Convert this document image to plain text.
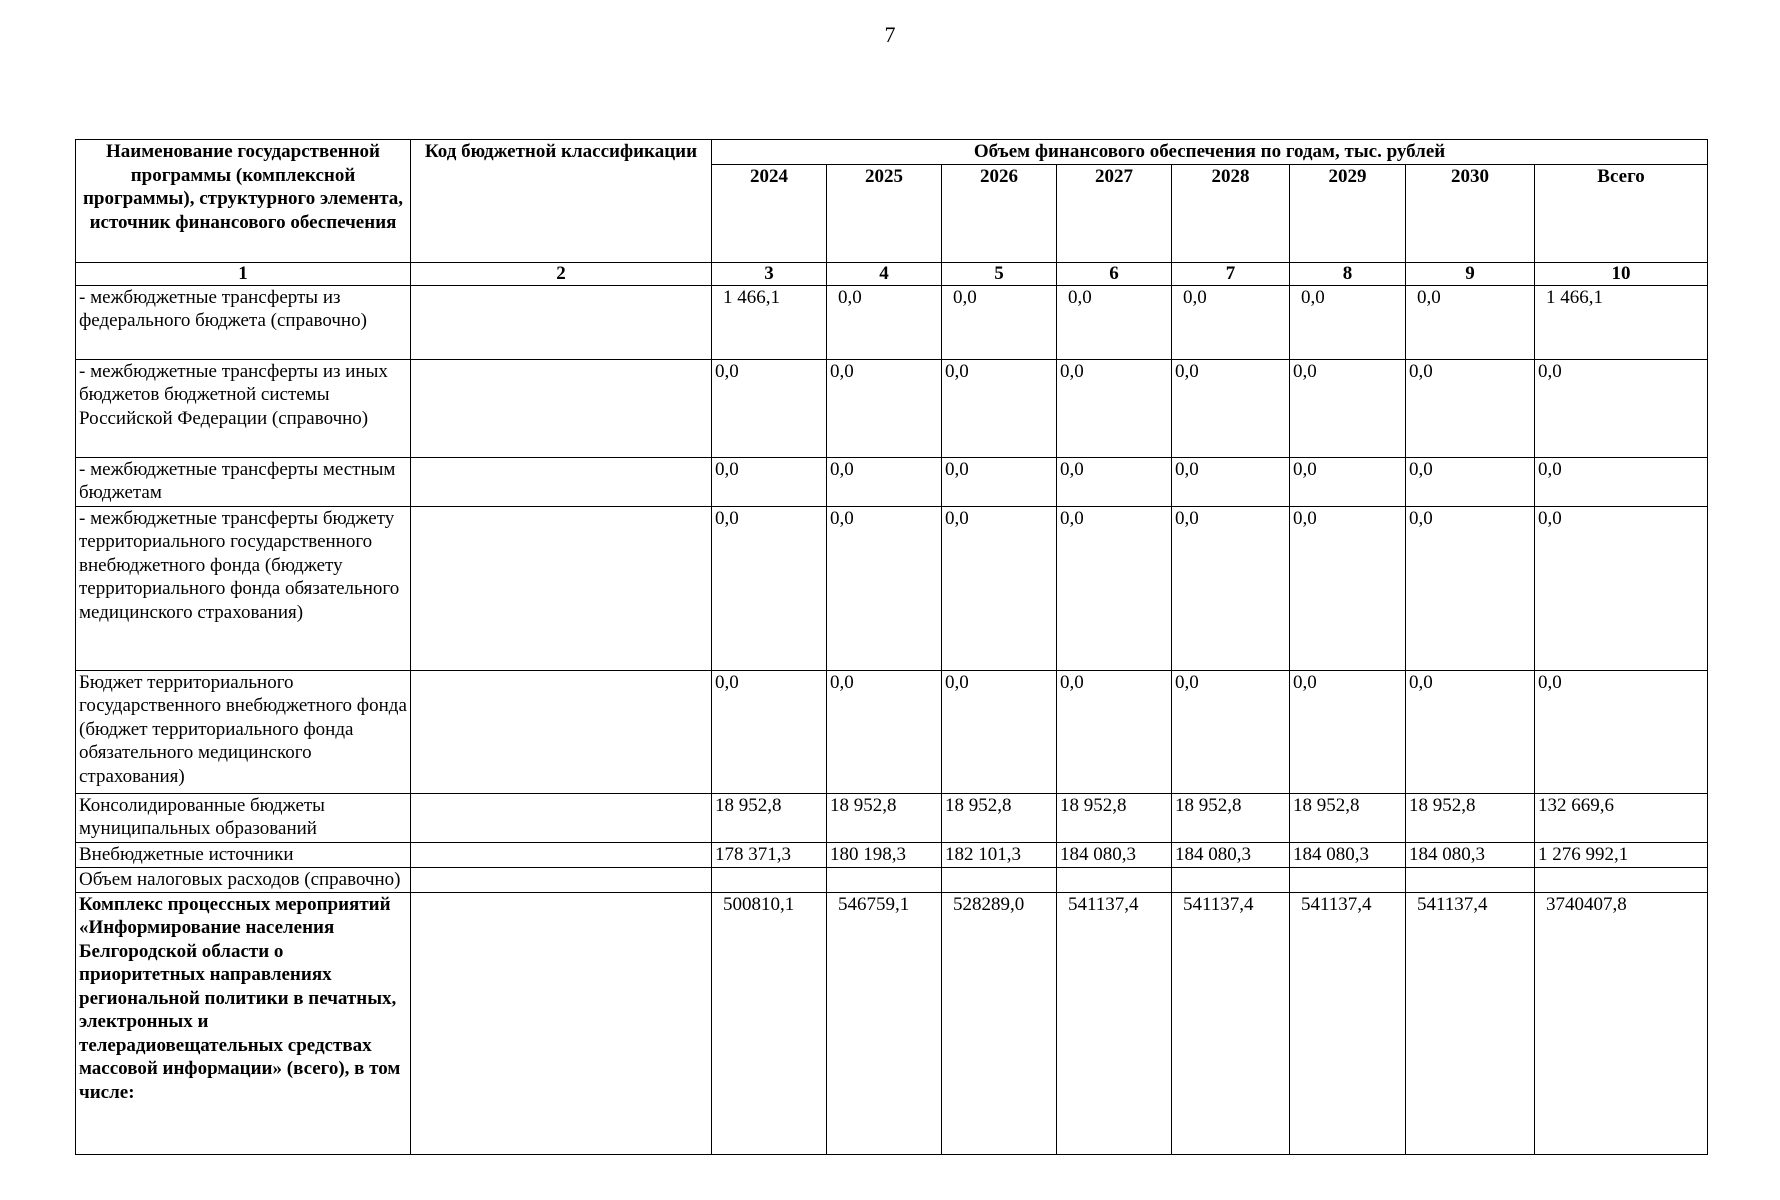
7
Наименование государственной программы (комплексной программы), структурного элемента, источник финансового обеспечения	Код бюджетной классификации	Объем финансового обеспечения по годам, тыс. рублей							
		2024	2025	2026	2027	2028	2029	2030	Всего
1	2	3	4	5	6	7	8	9	10
- межбюджетные трансферты из федерального бюджета (справочно)		1 466,1	0,0	0,0	0,0	0,0	0,0	0,0	1 466,1
- межбюджетные трансферты из иных бюджетов бюджетной системы Российской Федерации (справочно)		0,0	0,0	0,0	0,0	0,0	0,0	0,0	0,0
- межбюджетные трансферты местным бюджетам		0,0	0,0	0,0	0,0	0,0	0,0	0,0	0,0
- межбюджетные трансферты бюджету территориального государственного внебюджетного фонда (бюджету территориального фонда обязательного медицинского страхования)		0,0	0,0	0,0	0,0	0,0	0,0	0,0	0,0
Бюджет территориального государственного внебюджетного фонда (бюджет территориального фонда обязательного медицинского страхования)		0,0	0,0	0,0	0,0	0,0	0,0	0,0	0,0
Консолидированные бюджеты муниципальных образований		18 952,8	18 952,8	18 952,8	18 952,8	18 952,8	18 952,8	18 952,8	132 669,6
Внебюджетные источники		178 371,3	180 198,3	182 101,3	184 080,3	184 080,3	184 080,3	184 080,3	1 276 992,1
Объем налоговых расходов (справочно)									
Комплекс процессных мероприятий «Информирование населения Белгородской области о приоритетных направлениях региональной политики в печатных, электронных и телерадиовещательных средствах массовой информации» (всего), в том числе:		500810,1	546759,1	528289,0	541137,4	541137,4	541137,4	541137,4	3740407,8
